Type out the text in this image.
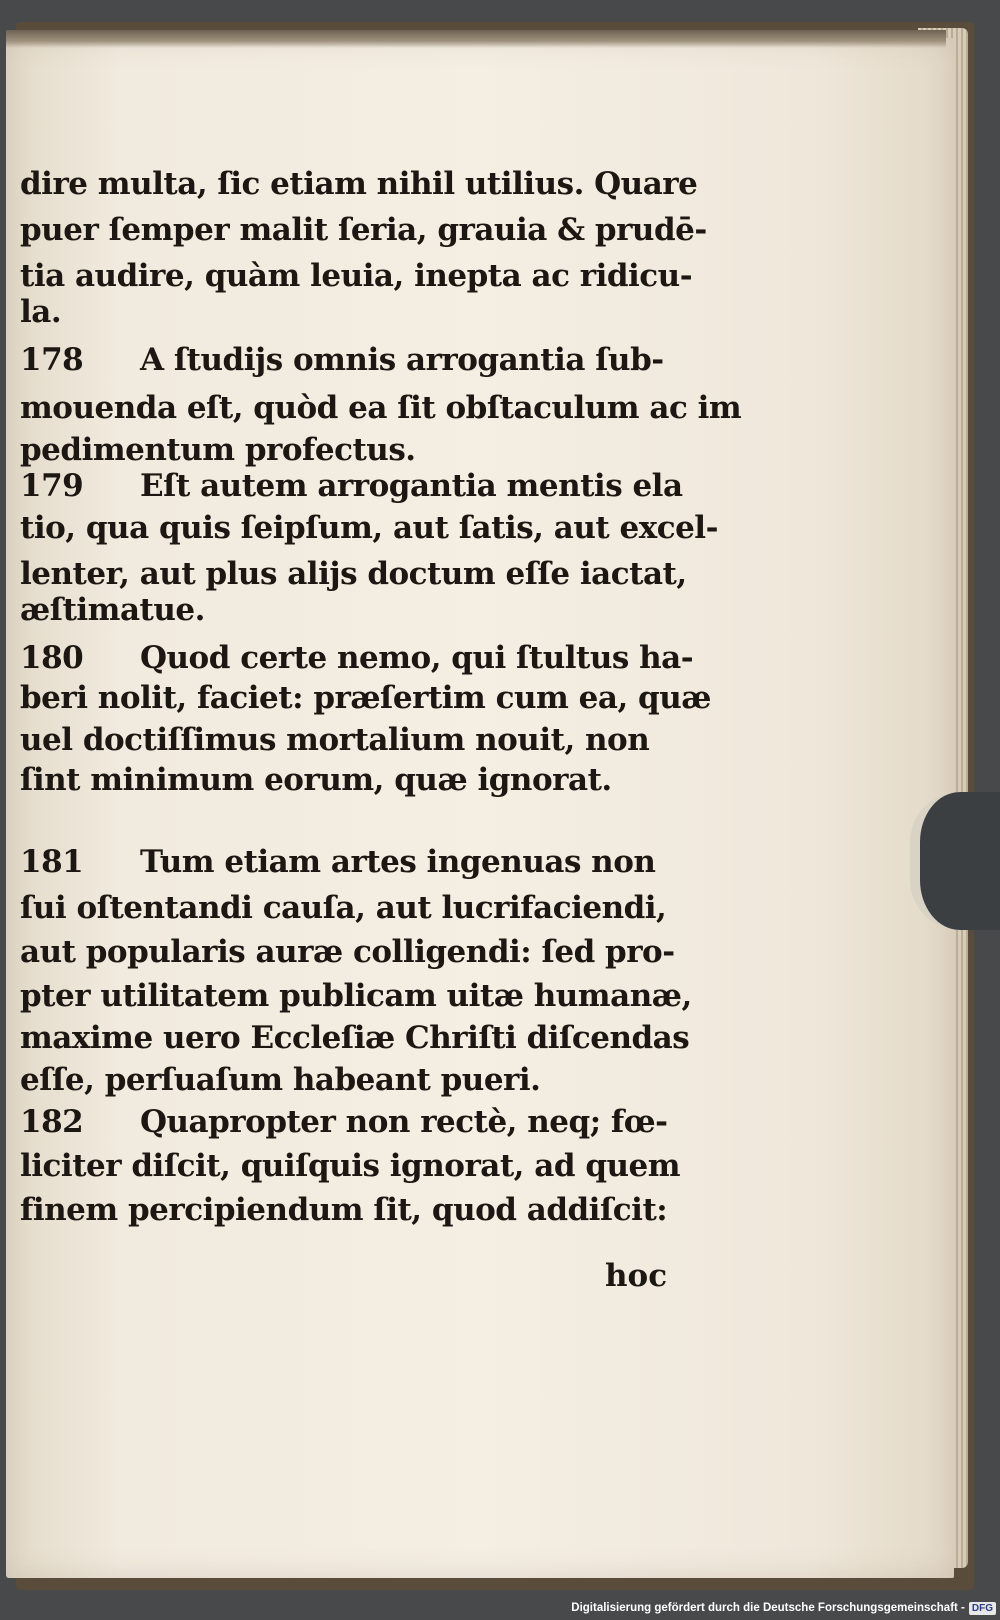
dire multa, ſic etiam nihil utilius. Quare
puer ſemper malit ſeria, grauia & prudē-
tia audire, quàm leuia, inepta ac ridicu-
la.
178 A ſtudijs omnis arrogantia ſub-
mouenda eſt, quòd ea ſit obſtaculum ac im
pedimentum profectus.
179 Eſt autem arrogantia mentis ela
tio, qua quis ſeipſum, aut ſatis, aut excel-
lenter, aut plus alijs doctum eſſe iactat,
æſtimatue.
180 Quod certe nemo, qui ſtultus ha-
beri nolit, faciet: præſertim cum ea, quæ
uel doctiſſimus mortalium nouit, non
ſint minimum eorum, quæ ignorat.
181 Tum etiam artes ingenuas non
ſui oſtentandi cauſa, aut lucrifaciendi,
aut popularis auræ colligendi: ſed pro-
pter utilitatem publicam uitæ humanæ,
maxime uero Eccleſiæ Chriſti diſcendas
eſſe, perſuaſum habeant pueri.
182 Quapropter non rectè, neq; fœ-
liciter diſcit, quiſquis ignorat, ad quem
finem percipiendum ſit, quod addiſcit:
hoc
Digitalisierung gefördert durch die Deutsche Forschungsgemeinschaft - DFG
